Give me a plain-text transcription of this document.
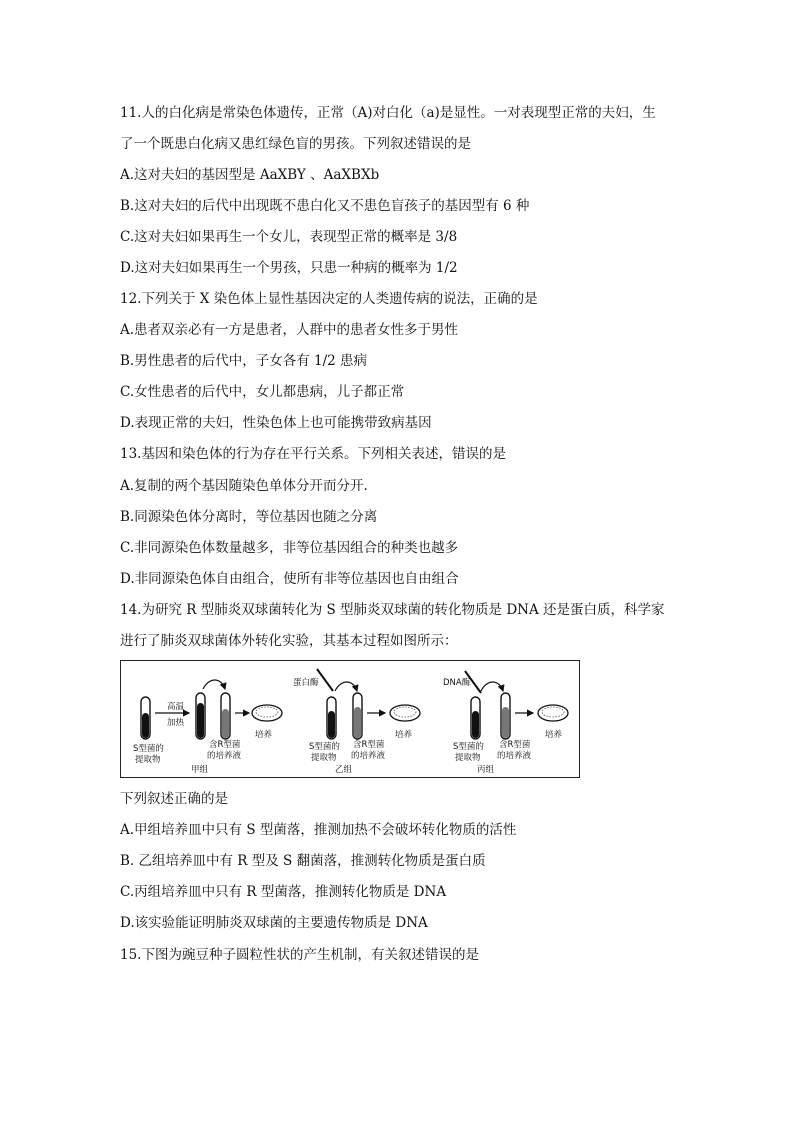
11.人的白化病是常染色体遗传，正常（A)对白化（a)是显性。一对表现型正常的夫妇，生
了一个既患白化病又患红绿色盲的男孩。下列叙述错误的是
A.这对夫妇的基因型是 AaXBY 、AaXBXb
B.这对夫妇的后代中出现既不患白化又不患色盲孩子的基因型有 6 种
C.这对夫妇如果再生一个女儿，表现型正常的概率是 3/8
D.这对夫妇如果再生一个男孩，只患一种病的概率为 1/2
12.下列关于 X 染色体上显性基因决定的人类遗传病的说法，正确的是
A.患者双亲必有一方是患者，人群中的患者女性多于男性
B.男性患者的后代中，子女各有 1/2 患病
C.女性患者的后代中，女儿都患病，儿子都正常
D.表现正常的夫妇，性染色体上也可能携带致病基因
13.基因和染色体的行为存在平行关系。下列相关表述，错误的是
A.复制的两个基因随染色单体分开而分开.
B.同源染色体分离时，等位基因也随之分离
C.非同源染色体数量越多，非等位基因组合的种类也越多
D.非同源染色体自由组合，使所有非等位基因也自由组合
14.为研究 R 型肺炎双球菌转化为 S 型肺炎双球菌的转化物质是 DNA 还是蛋白质，科学家
进行了肺炎双球菌体外转化实验，其基本过程如图所示：
高温
加热
S型菌的
提取物
含R型菌
的培养液
培养
甲组
蛋白酶
S型菌的
提取物
含R型菌
的培养液
培养
乙组
DNA酶
S型菌的
提取物
含R型菌
的培养液
培养
丙组
下列叙述正确的是
A.甲组培养皿中只有 S 型菌落，推测加热不会破坏转化物质的活性
B. 乙组培养皿中有 R 型及 S 翻菌落，推测转化物质是蛋白质
C.丙组培养皿中只有 R 型菌落，推测转化物质是 DNA
D.该实验能证明肺炎双球菌的主要遗传物质是 DNA
15.下图为豌豆种子圆粒性状的产生机制，有关叙述错误的是
